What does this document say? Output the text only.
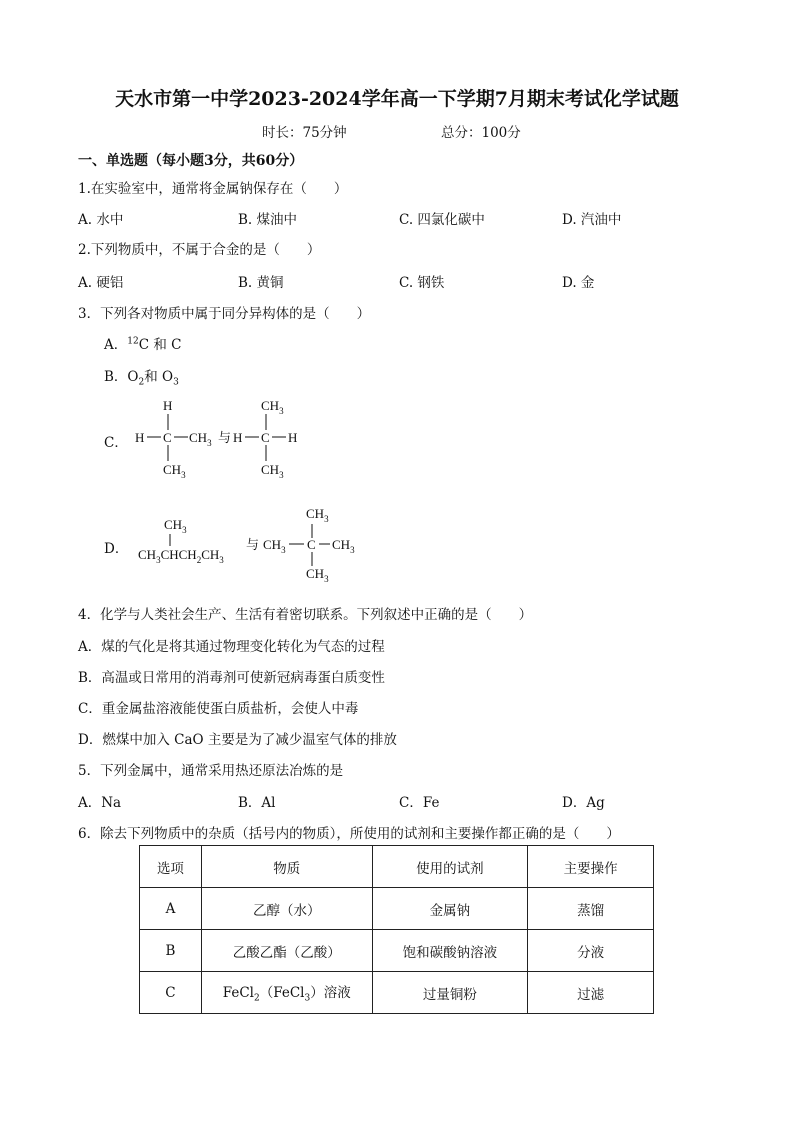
天水市第一中学2023-2024学年高一下学期7月期末考试化学试题
时长：75分钟	总分：100分
一、单选题（每小题3分，共60分）
1.在实验室中，通常将金属钠保存在（　　）
A. 水中	B. 煤油中	C. 四氯化碳中	D. 汽油中
2.下列物质中，不属于合金的是（　　）
A. 硬铝	B. 黄铜	C. 钢铁	D. 金
3．下列各对物质中属于同分异构体的是（　　）
A．$^{12}$C 和 C
B．$O_2$和 $O_3$
C．
H
H C $CH_3$
$CH_3$
与
$CH_3$
H C H
$CH_3$
D．
$CH_3$
$CH_3CHCH_2CH_3$
与
$CH_3$
$CH_3$ C $CH_3$
$CH_3$
4．化学与人类社会生产、生活有着密切联系。下列叙述中正确的是（　　）
A．煤的气化是将其通过物理变化转化为气态的过程
B．高温或日常用的消毒剂可使新冠病毒蛋白质变性
C．重金属盐溶液能使蛋白质盐析，会使人中毒
D．燃煤中加入 CaO 主要是为了减少温室气体的排放
5．下列金属中，通常采用热还原法冶炼的是
A．Na	B．Al	C．Fe	D．Ag
6．除去下列物质中的杂质（括号内的物质），所使用的试剂和主要操作都正确的是（　　）
选项	物质	使用的试剂	主要操作
A	乙醇（水）	金属钠	蒸馏
B	乙酸乙酯（乙酸）	饱和碳酸钠溶液	分液
C	FeCl$_2$（FeCl$_3$）溶液	过量铜粉	过滤
